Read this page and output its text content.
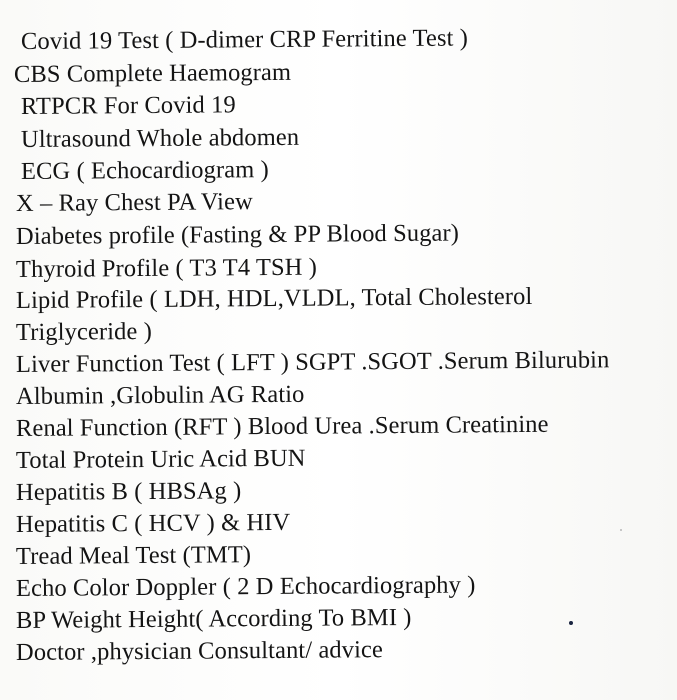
Covid 19 Test ( D-dimer CRP Ferritine Test )
CBS Complete Haemogram
RTPCR For Covid 19
Ultrasound Whole abdomen
ECG ( Echocardiogram )
X – Ray Chest PA View
Diabetes profile (Fasting & PP Blood Sugar)
Thyroid Profile ( T3 T4 TSH )
Lipid Profile ( LDH, HDL,VLDL, Total Cholesterol
Triglyceride )
Liver Function Test ( LFT ) SGPT .SGOT .Serum Bilurubin
Albumin ,Globulin AG Ratio
Renal Function (RFT ) Blood Urea .Serum Creatinine
Total Protein Uric Acid BUN
Hepatitis B ( HBSAg )
Hepatitis C ( HCV ) & HIV
Tread Meal Test (TMT)
Echo Color Doppler ( 2 D Echocardiography )
BP Weight Height( According To BMI )
Doctor ,physician Consultant/ advice
